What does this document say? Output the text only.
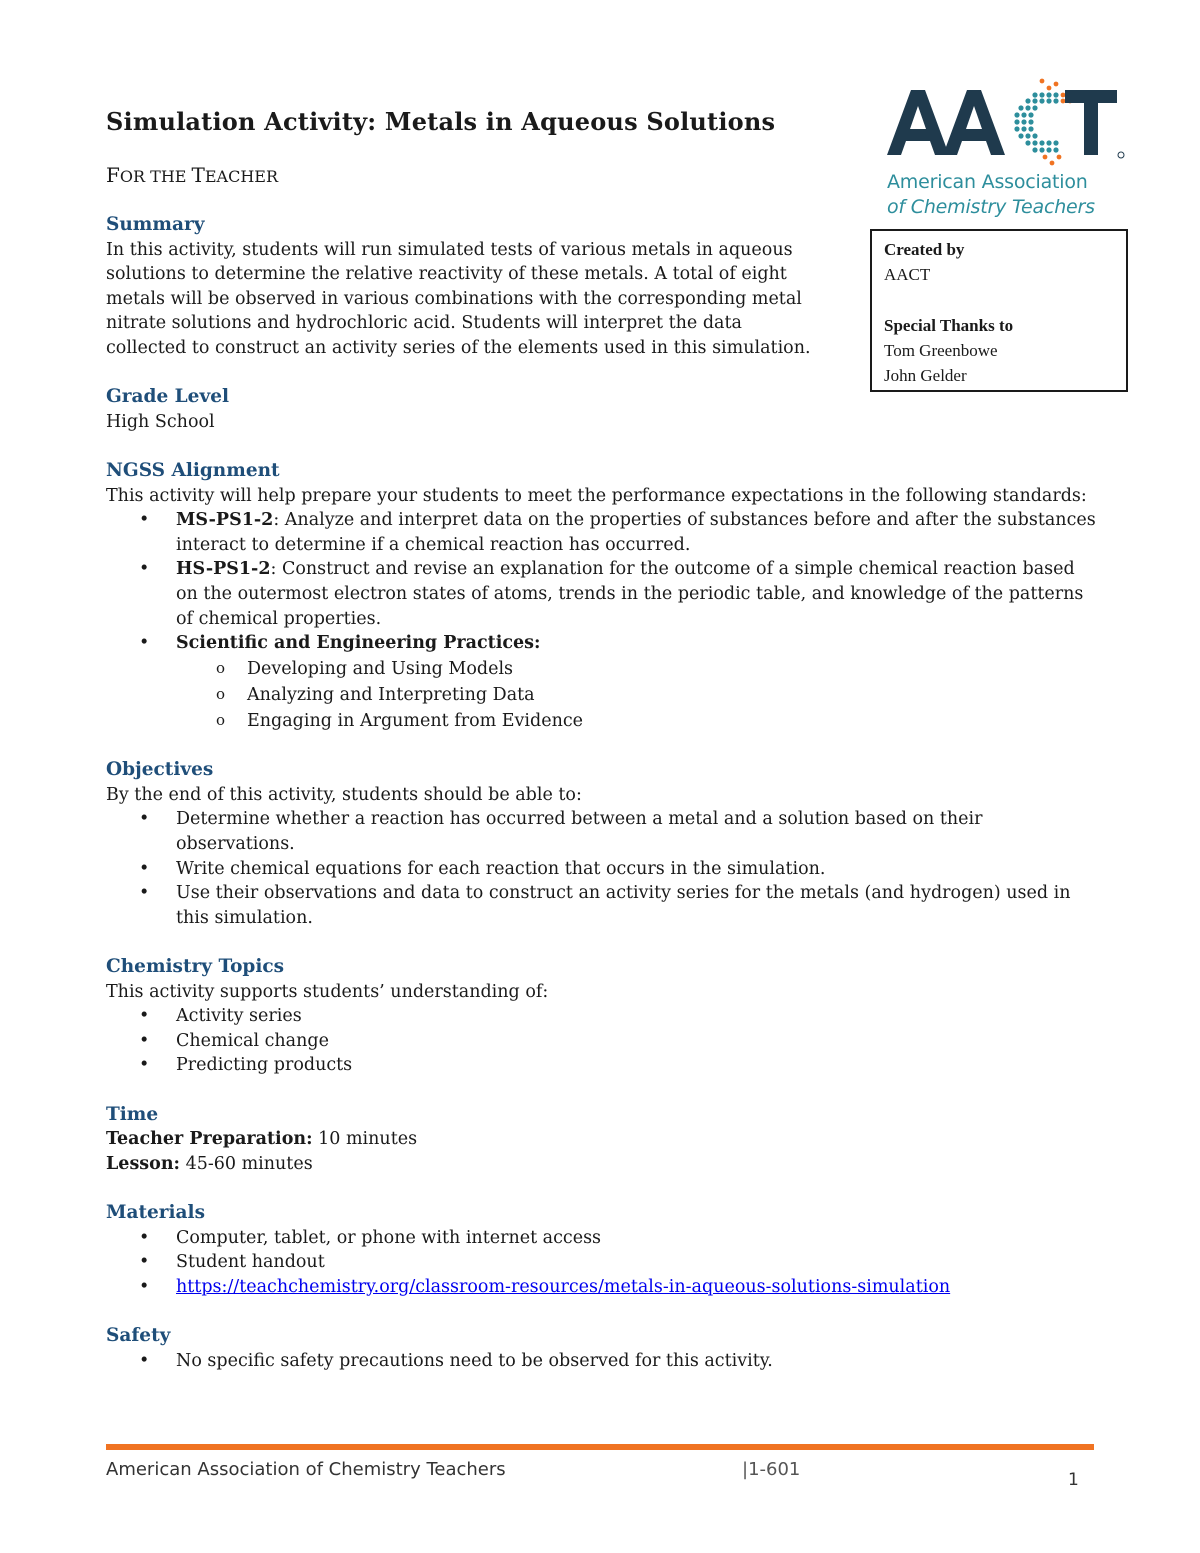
American Association
of Chemistry Teachers
Created by
AACT
Special Thanks to
Tom Greenbowe
John Gelder
Simulation Activity: Metals in Aqueous Solutions
FOR THE TEACHER

Summary

In this activity, students will run simulated tests of various metals in aqueous
solutions to determine the relative reactivity of these metals. A total of eight
metals will be observed in various combinations with the corresponding metal
nitrate solutions and hydrochloric acid. Students will interpret the data
collected to construct an activity series of the elements used in this simulation.

Grade Level

High School

NGSS Alignment

This activity will help prepare your students to meet the performance expectations in the following standards:

• MS-PS1-2: Analyze and interpret data on the properties of substances before and after the substances interact to determine if a chemical reaction has occurred.
• HS-PS1-2: Construct and revise an explanation for the outcome of a simple chemical reaction based on the outermost electron states of atoms, trends in the periodic table, and knowledge of the patterns of chemical properties.
• Scientific and Engineering Practices:
o Developing and Using Models
o Analyzing and Interpreting Data
o Engaging in Argument from Evidence

Objectives

By the end of this activity, students should be able to:

• Determine whether a reaction has occurred between a metal and a solution based on their observations.
• Write chemical equations for each reaction that occurs in the simulation.
• Use their observations and data to construct an activity series for the metals (and hydrogen) used in this simulation.

Chemistry Topics

This activity supports students’ understanding of:

• Activity series
• Chemical change
• Predicting products

Time

Teacher Preparation: 10 minutes

Lesson: 45-60 minutes

Materials

• Computer, tablet, or phone with internet access
• Student handout
• https://teachchemistry.org/classroom-resources/metals-in-aqueous-solutions-simulation

Safety

• No specific safety precautions need to be observed for this activity.
American Association of Chemistry Teachers	|1-601	1
